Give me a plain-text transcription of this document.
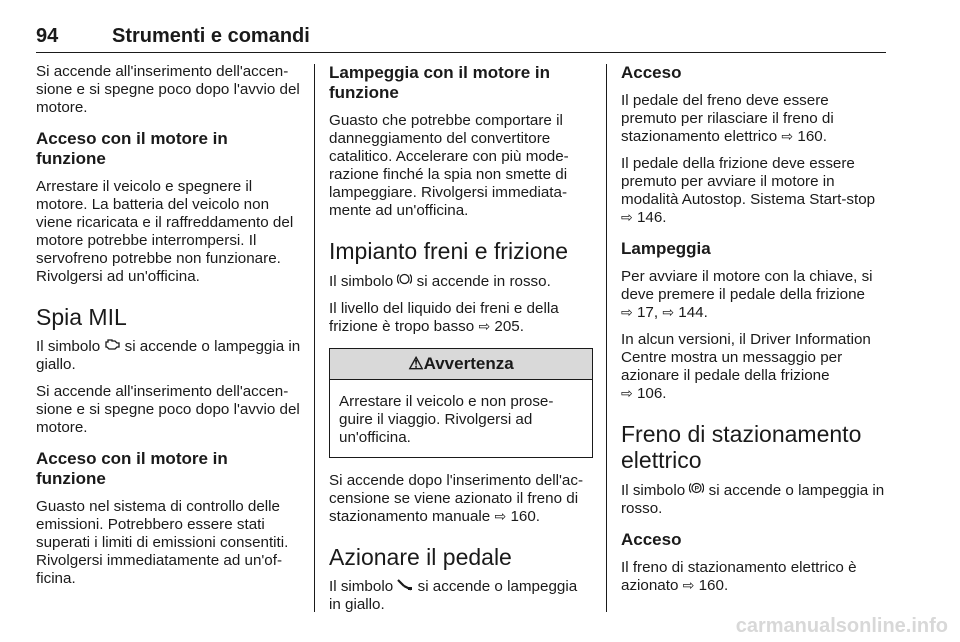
94	Strumenti e comandi

Si accende all'inserimento dell'accen-sione e si spegne poco dopo l'avvio del motore.

Acceso con il motore in funzione

Arrestare il veicolo e spegnere il motore. La batteria del veicolo non viene ricaricata e il raffreddamento del motore potrebbe interrompersi. Il servofreno potrebbe non funzionare. Rivolgersi ad un'officina.

Spia MIL

Il simbolo  si accende o lampeggia in giallo.

Si accende all'inserimento dell'accen-sione e si spegne poco dopo l'avvio del motore.

Acceso con il motore in funzione

Guasto nel sistema di controllo delle emissioni. Potrebbero essere stati superati i limiti di emissioni consentiti. Rivolgersi immediatamente ad un'of-ficina.

Lampeggia con il motore in funzione

Guasto che potrebbe comportare il danneggiamento del convertitore catalitico. Accelerare con più mode-razione finché la spia non smette di lampeggiare. Rivolgersi immediata-mente ad un'officina.

Impianto freni e frizione

Il simbolo  si accende in rosso.

Il livello del liquido dei freni e della frizione è tropo basso ⇨ 205.

⚠Avvertenza

Arrestare il veicolo e non prose-guire il viaggio. Rivolgersi ad un'officina.

Si accende dopo l'inserimento dell'ac-censione se viene azionato il freno di stazionamento manuale ⇨ 160.

Azionare il pedale

Il simbolo  si accende o lampeggia in giallo.

Acceso

Il pedale del freno deve essere premuto per rilasciare il freno di stazionamento elettrico ⇨ 160.

Il pedale della frizione deve essere premuto per avviare il motore in modalità Autostop. Sistema Start-stop ⇨ 146.

Lampeggia

Per avviare il motore con la chiave, si deve premere il pedale della frizione

⇨ 17, ⇨ 144.

In alcun versioni, il Driver Information Centre mostra un messaggio per azionare il pedale della frizione

⇨ 106.

Freno di stazionamento elettrico

Il simbolo P si accende o lampeggia in rosso.

Acceso

Il freno di stazionamento elettrico è azionato ⇨ 160.

carmanualsonline.info
